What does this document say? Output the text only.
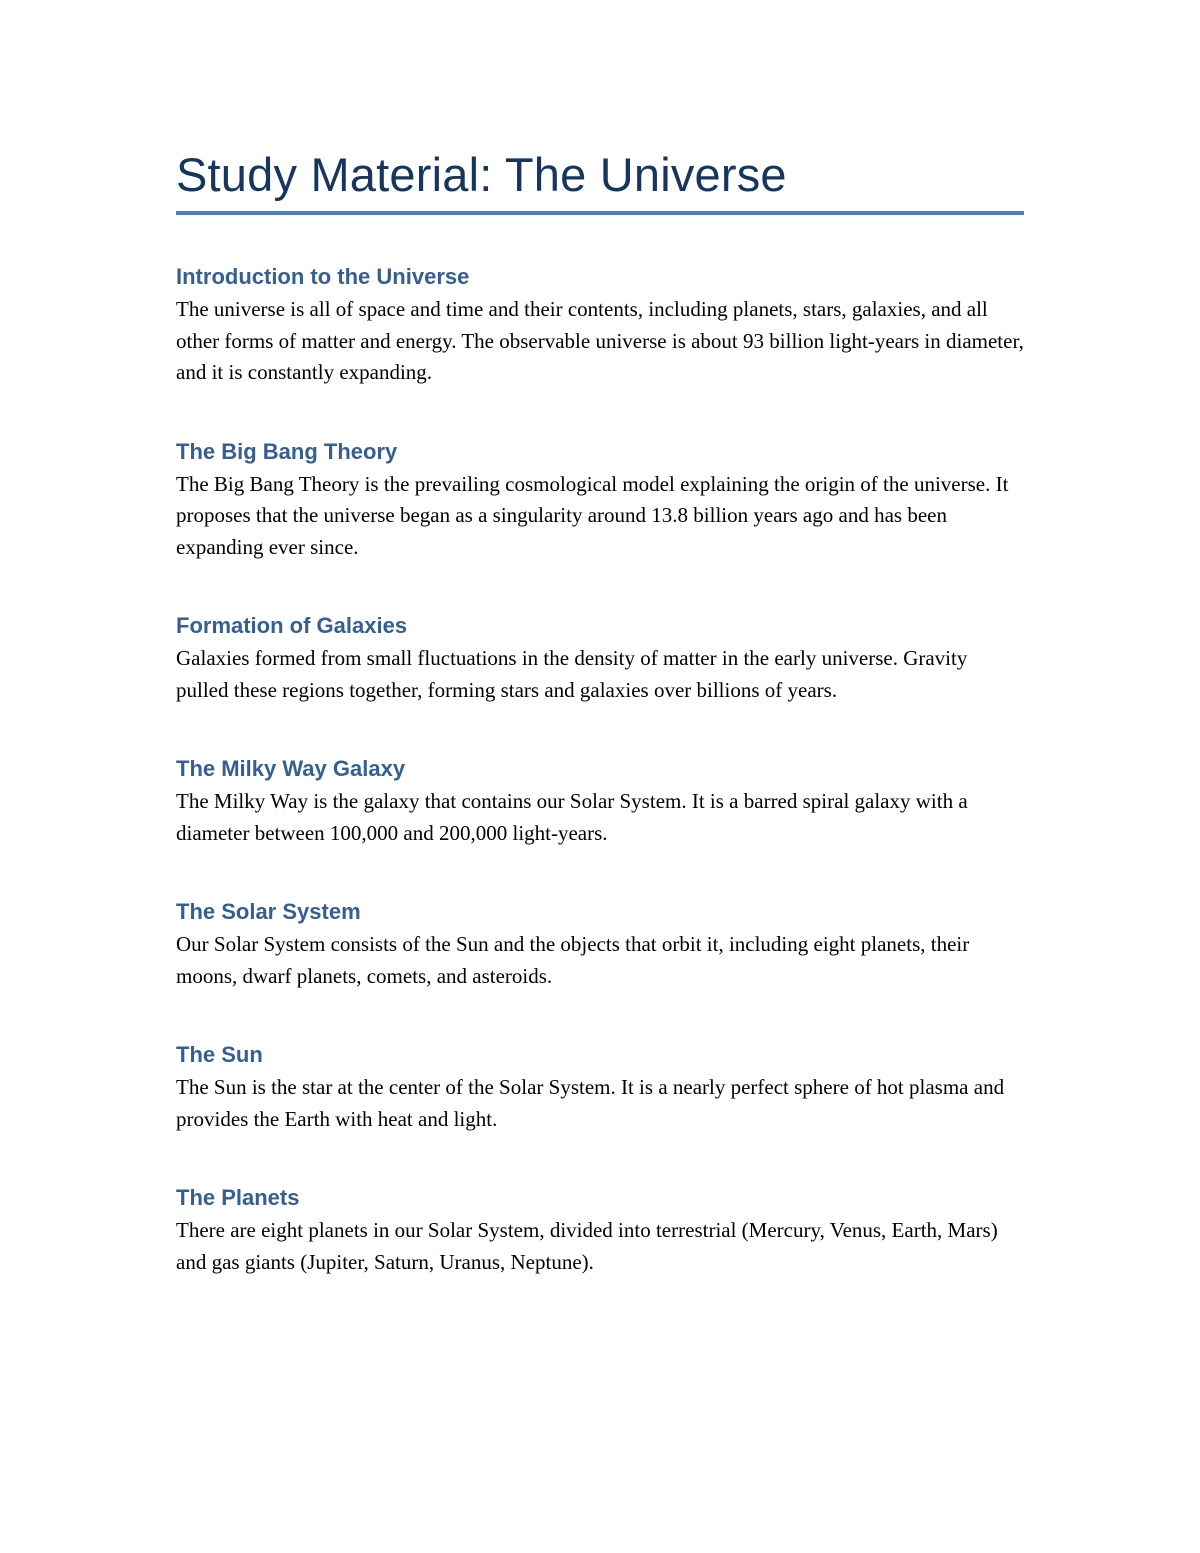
Study Material: The Universe
Introduction to the Universe

The universe is all of space and time and their contents, including planets, stars, galaxies, and all other forms of matter and energy. The observable universe is about 93 billion light-years in diameter, and it is constantly expanding.

The Big Bang Theory

The Big Bang Theory is the prevailing cosmological model explaining the origin of the universe. It proposes that the universe began as a singularity around 13.8 billion years ago and has been expanding ever since.

Formation of Galaxies

Galaxies formed from small fluctuations in the density of matter in the early universe. Gravity pulled these regions together, forming stars and galaxies over billions of years.

The Milky Way Galaxy

The Milky Way is the galaxy that contains our Solar System. It is a barred spiral galaxy with a diameter between 100,000 and 200,000 light-years.

The Solar System

Our Solar System consists of the Sun and the objects that orbit it, including eight planets, their moons, dwarf planets, comets, and asteroids.

The Sun

The Sun is the star at the center of the Solar System. It is a nearly perfect sphere of hot plasma and provides the Earth with heat and light.

The Planets

There are eight planets in our Solar System, divided into terrestrial (Mercury, Venus, Earth, Mars) and gas giants (Jupiter, Saturn, Uranus, Neptune).
